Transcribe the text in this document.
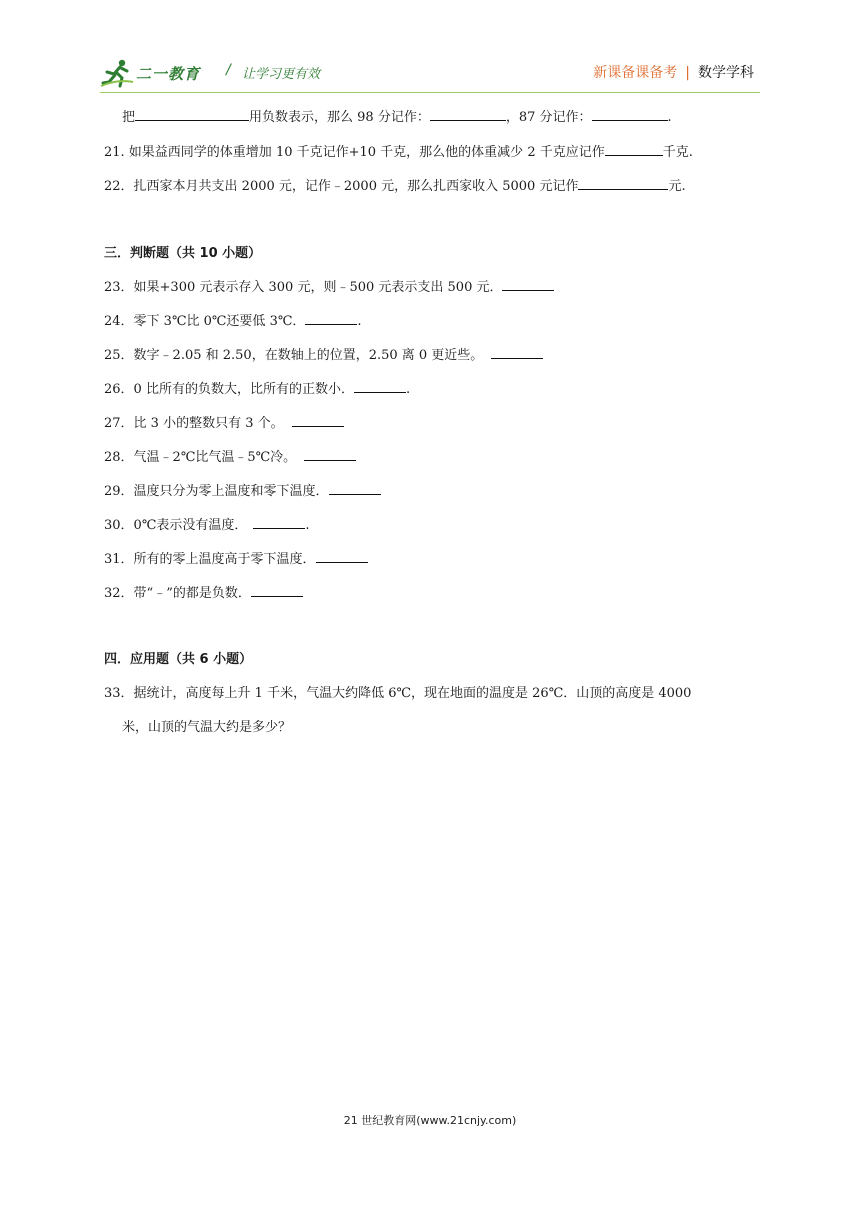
二一教育 / 让学习更有效	新课备课备考 | 数学学科
把	用负数表示，那么 98 分记作：	，87 分记作：	.
21. 如果益西同学的体重增加 10 千克记作+10 千克，那么他的体重减少 2 千克应记作	千克.
22．扎西家本月共支出 2000 元，记作﹣2000 元，那么扎西家收入 5000 元记作	元.
三．判断题（共 10 小题）
23．如果+300 元表示存入 300 元，则﹣500 元表示支出 500 元．
24．零下 3℃比 0℃还要低 3℃．	.
25．数字﹣2.05 和 2.50，在数轴上的位置，2.50 离 0 更近些。
26．0 比所有的负数大，比所有的正数小．	.
27．比 3 小的整数只有 3 个。
28．气温﹣2℃比气温﹣5℃冷。
29．温度只分为零上温度和零下温度．
30．0℃表示没有温度．	.
31．所有的零上温度高于零下温度．
32．带“﹣”的都是负数．
四．应用题（共 6 小题）
33．据统计，高度每上升 1 千米，气温大约降低 6℃，现在地面的温度是 26℃．山顶的高度是 4000
米，山顶的气温大约是多少？
21 世纪教育网(www.21cnjy.com)
